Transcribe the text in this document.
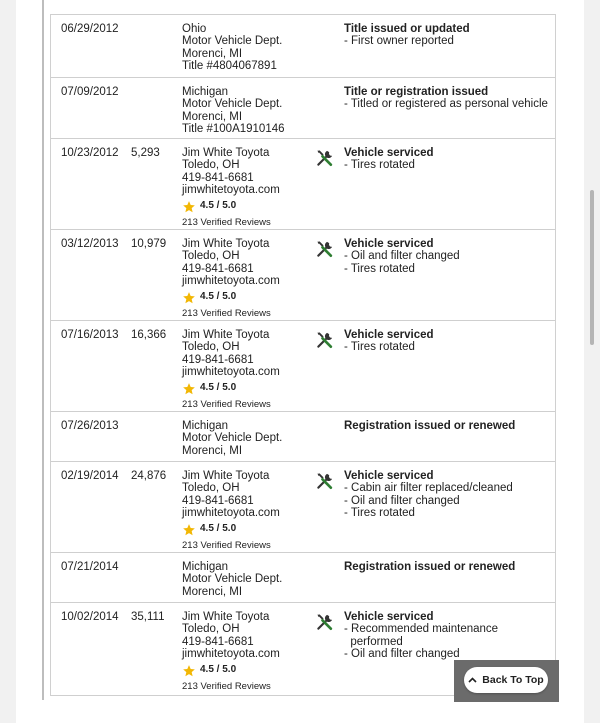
06/29/2012	Ohio
Motor Vehicle Dept.
Morenci, MI
Title #4804067891
Title issued or updated
- First owner reported
07/09/2012	Michigan
Motor Vehicle Dept.
Morenci, MI
Title #100A1910146
Title or registration issued
- Titled or registered as personal vehicle
10/23/2012 5,293 Jim White Toyota
Toledo, OH
419-841-6681
jimwhitetoyota.com
4.5 / 5.0
213 Verified Reviews
Vehicle serviced
- Tires rotated
03/12/2013 10,979 Jim White Toyota
Toledo, OH
419-841-6681
jimwhitetoyota.com
4.5 / 5.0
213 Verified Reviews
Vehicle serviced
- Oil and filter changed
- Tires rotated
07/16/2013 16,366 Jim White Toyota
Toledo, OH
419-841-6681
jimwhitetoyota.com
4.5 / 5.0
213 Verified Reviews
Vehicle serviced
- Tires rotated
07/26/2013	Michigan
Motor Vehicle Dept.
Morenci, MI
Registration issued or renewed
02/19/2014 24,876 Jim White Toyota
Toledo, OH
419-841-6681
jimwhitetoyota.com
4.5 / 5.0
213 Verified Reviews
Vehicle serviced
- Cabin air filter replaced/cleaned
- Oil and filter changed
- Tires rotated
07/21/2014	Michigan
Motor Vehicle Dept.
Morenci, MI
Registration issued or renewed
10/02/2014 35,111 Jim White Toyota
Toledo, OH
419-841-6681
jimwhitetoyota.com
4.5 / 5.0
213 Verified Reviews
Vehicle serviced
- Recommended maintenance
performed
- Oil and filter changed
Back To Top
